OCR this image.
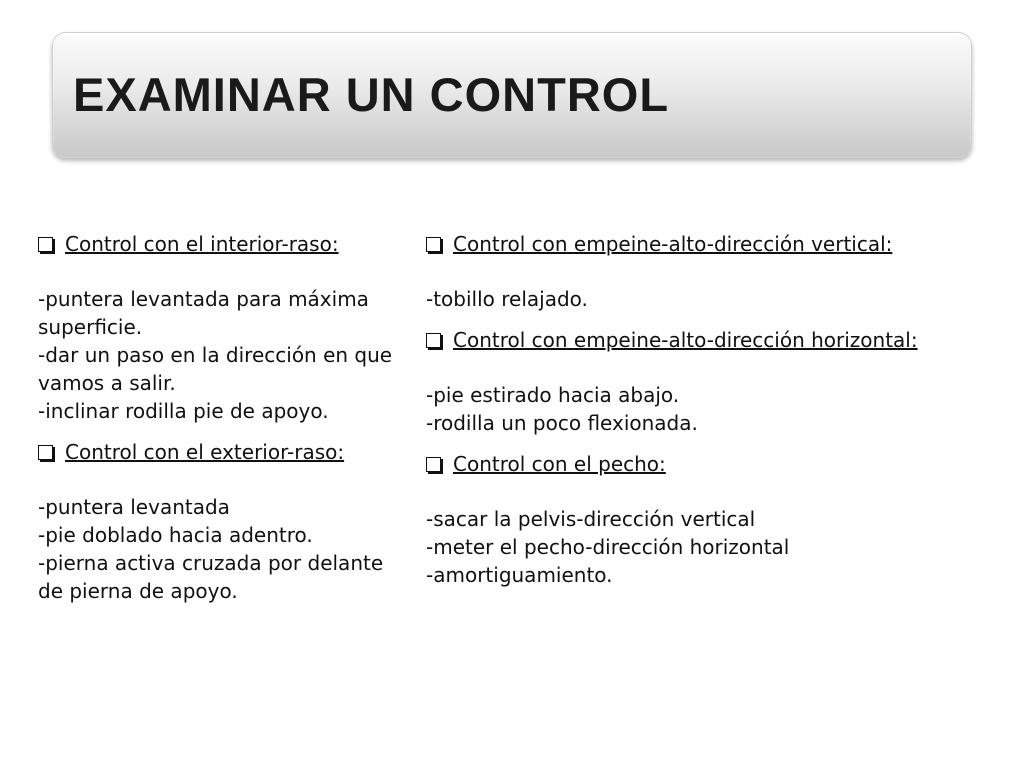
EXAMINAR UN CONTROL
Control con el interior-raso:

-puntera levantada para máxima superficie.

-dar un paso en la dirección en que vamos a salir.

-inclinar rodilla pie de apoyo.

Control con el exterior-raso:

-puntera levantada

-pie doblado hacia adentro.

-pierna activa cruzada por delante de pierna de apoyo.

Control con empeine-alto-dirección vertical:

-tobillo relajado.

Control con empeine-alto-dirección horizontal:

-pie estirado hacia abajo.

-rodilla un poco flexionada.

Control con el pecho:

-sacar la pelvis-dirección vertical

-meter el pecho-dirección horizontal

-amortiguamiento.
